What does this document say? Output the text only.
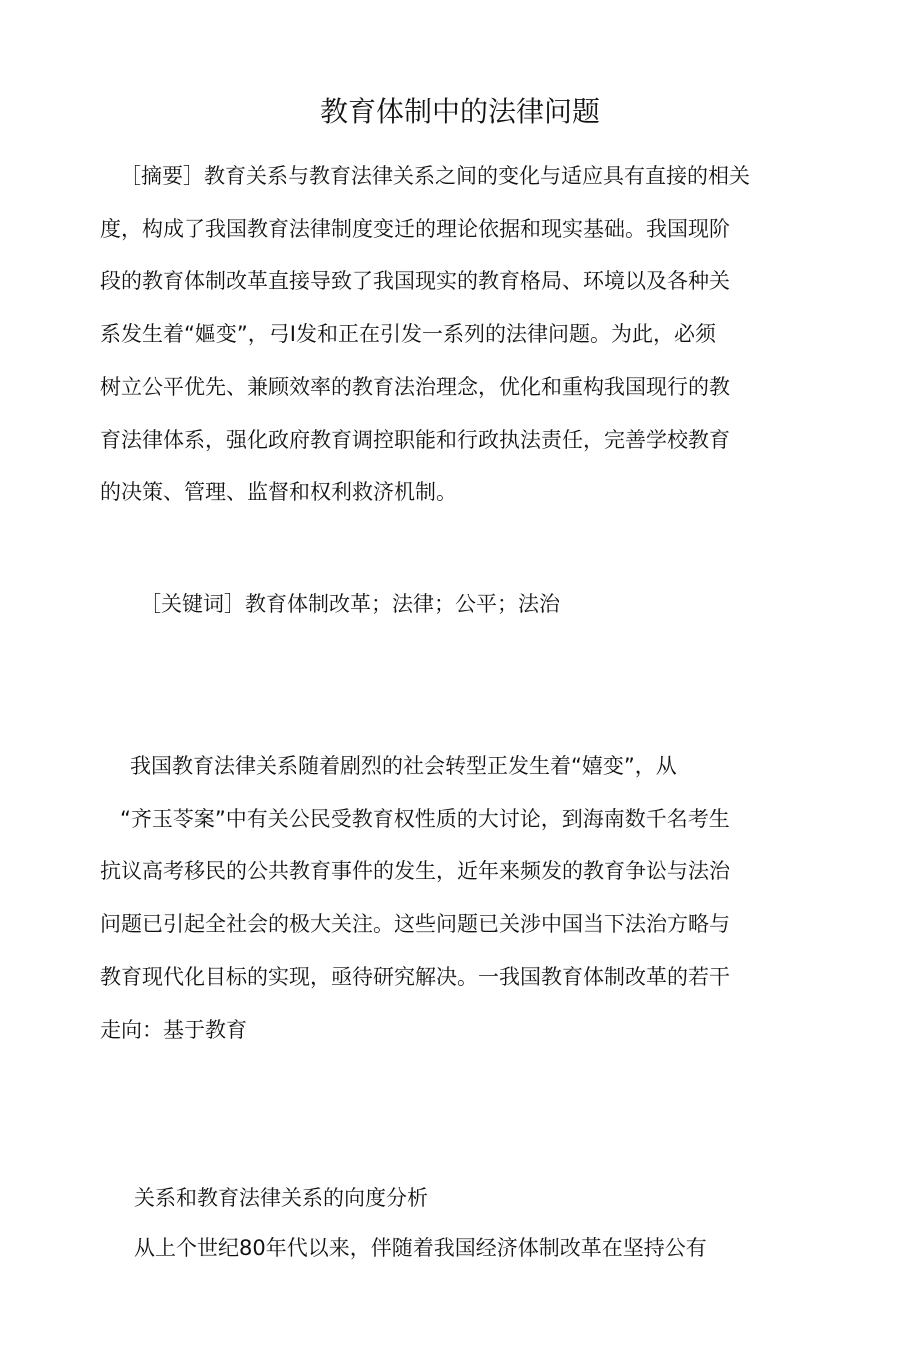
教育体制中的法律问题
［摘要］教育关系与教育法律关系之间的变化与适应具有直接的相关
度，构成了我国教育法律制度变迁的理论依据和现实基础。我国现阶
段的教育体制改革直接导致了我国现实的教育格局、环境以及各种关
系发生着“嫗变”，弓I发和正在引发一系列的法律问题。为此，必须
树立公平优先、兼顾效率的教育法治理念，优化和重构我国现行的教
育法律体系，强化政府教育调控职能和行政执法责任，完善学校教育
的决策、管理、监督和权利救济机制。
［关键词］教育体制改革；法律；公平；法治
我国教育法律关系随着剧烈的社会转型正发生着“嬉变”，从
“齐玉苓案”中有关公民受教育权性质的大讨论，到海南数千名考生
抗议高考移民的公共教育事件的发生，近年来频发的教育争讼与法治
问题已引起全社会的极大关注。这些问题已关涉中国当下法治方略与
教育现代化目标的实现，亟待研究解决。一我国教育体制改革的若干
走向：基于教育
关系和教育法律关系的向度分析
从上个世纪80年代以来，伴随着我国经济体制改革在坚持公有
